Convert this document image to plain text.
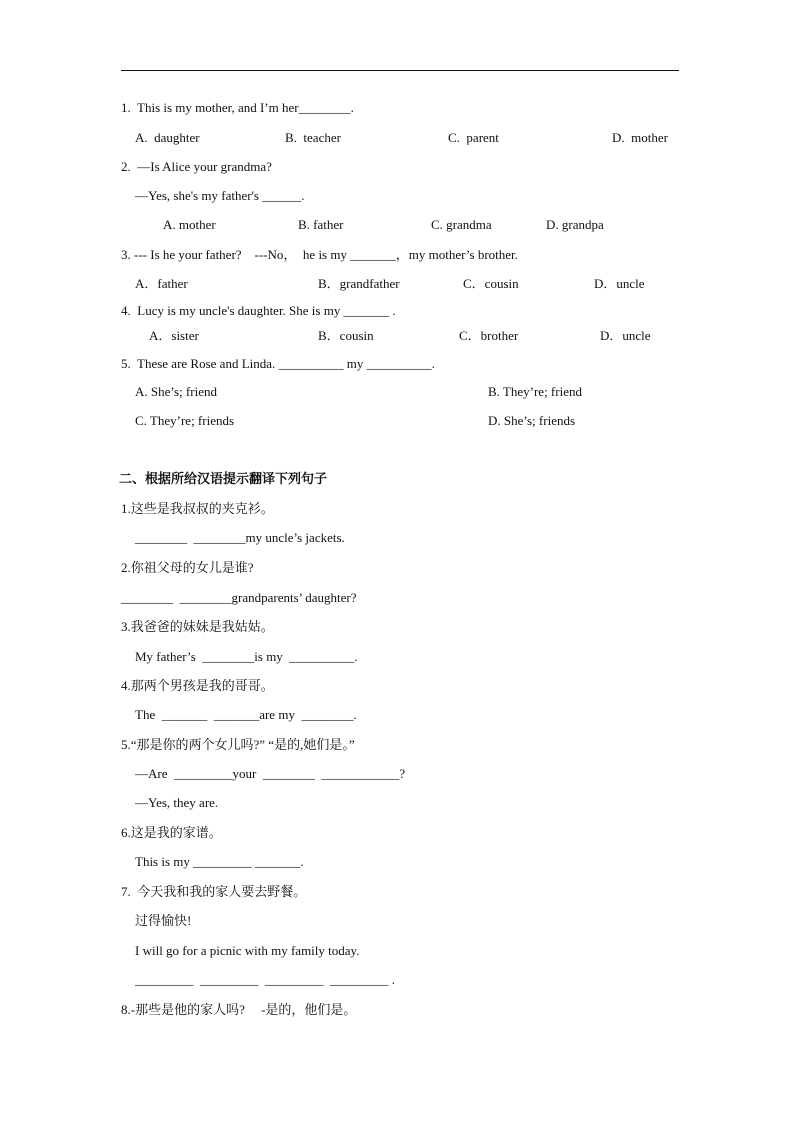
1.  This is my mother, and I’m her________.
A.  daughter	B.  teacher	C.  parent	D.  mother
2.  —Is Alice your grandma?
—Yes, she's my father's ______.
A. mother	B. father	C. grandma	D. grandpa
3. --- Is he your father?    ---No，  he is my _______，my mother’s brother.
A．father	B．grandfather	C．cousin	D．uncle
4.  Lucy is my uncle's daughter. She is my _______ .
A．sister	B．cousin	C．brother	D．uncle
5.  These are Rose and Linda. __________ my __________.
A. She’s; friend	B. They’re; friend
C. They’re; friends	D. She’s; friends
二、根据所给汉语提示翻译下列句子
1.这些是我叔叔的夹克衫。
________  ________my uncle’s jackets.
2.你祖父母的女儿是谁?
________  ________grandparents’ daughter?
3.我爸爸的妹妹是我姑姑。
My father’s  ________is my  __________.
4.那两个男孩是我的哥哥。
The  _______  _______are my  ________.
5.“那是你的两个女儿吗?” “是的,她们是。”
—Are  _________your  ________  ____________?
—Yes, they are.
6.这是我的家谱。
This is my _________ _______.
7.  今天我和我的家人要去野餐。
过得愉快!
I will go for a picnic with my family today.
_________  _________  _________  _________ .
8.-那些是他的家人吗?     -是的，他们是。
